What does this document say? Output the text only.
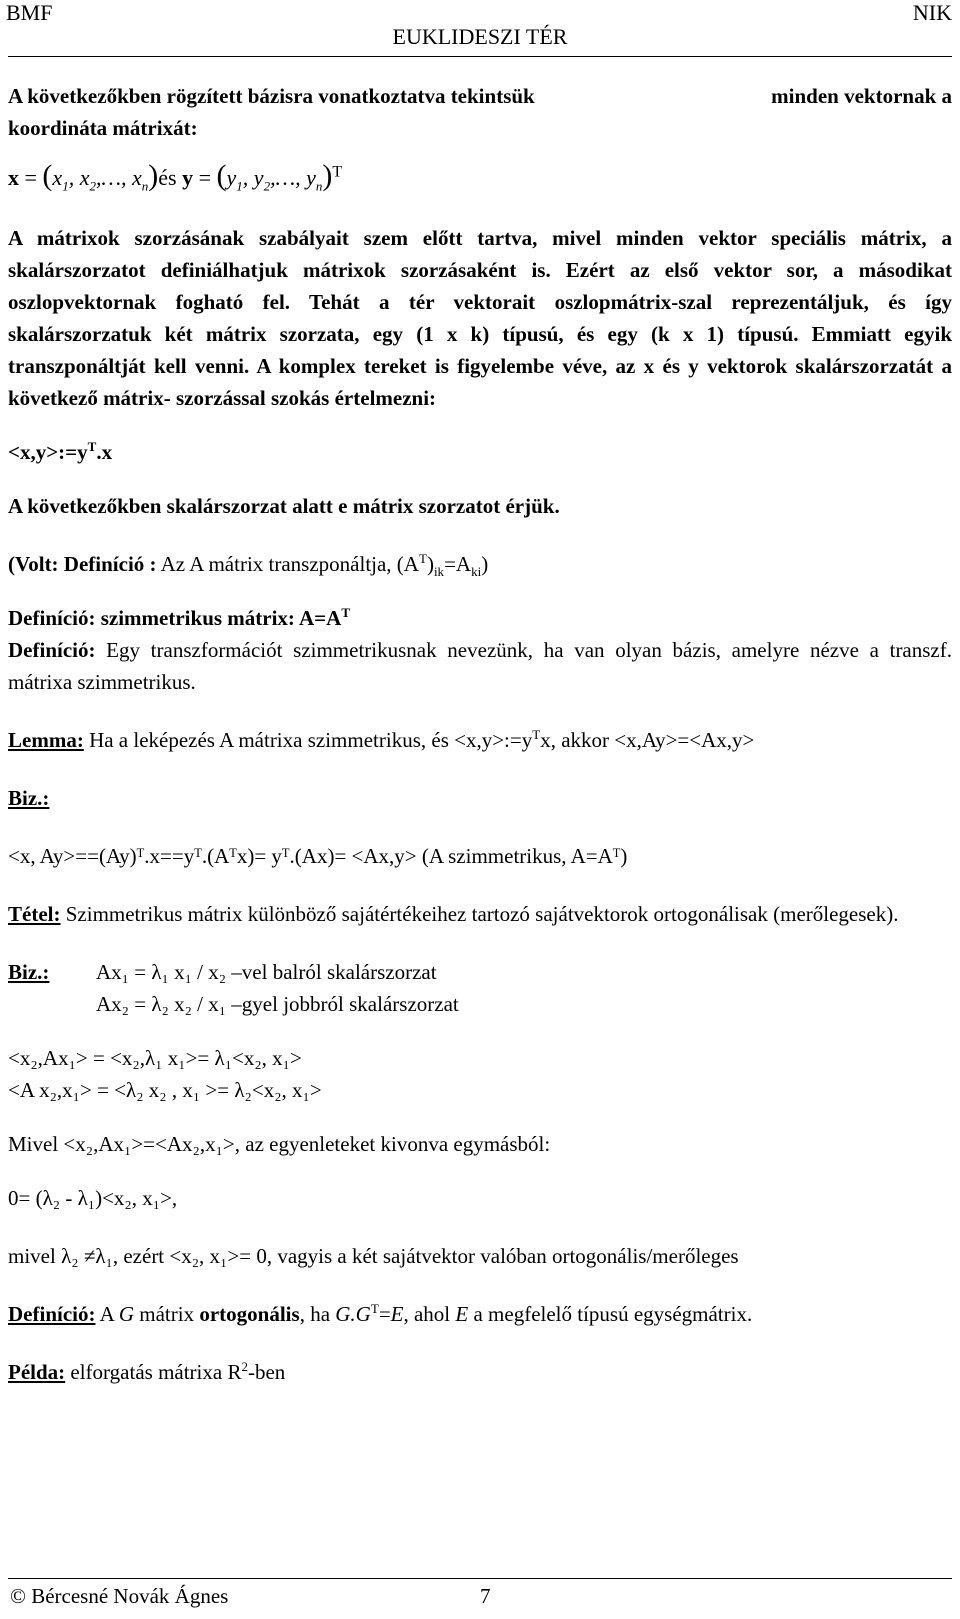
BMF	NIK
EUKLIDESZI TÉR

A következőkben rögzített bázisra vonatkoztatva tekintsük	minden vektornak a

koordináta mátrixát:

$x = (x_1$, $x_2,\dots$, $x_n)és$ $y = (y_1$, $y_2,\dots$, $y_n)^T$

A mátrixok szorzásának szabályait szem előtt tartva, mivel minden vektor speciális mátrix, a skalárszorzatot definiálhatjuk mátrixok szorzásaként is. Ezért az első vektor sor, a másodikat oszlopvektornak fogható fel. Tehát a tér vektorait oszlopmátrix-szal reprezentáljuk, és így skalárszorzatuk két mátrix szorzata, egy (1 x k) típusú, és egy (k x 1) típusú. Emmiatt egyik transzponáltját kell venni. A komplex tereket is figyelembe véve, az x és y vektorok skalárszorzatát a következő mátrix- szorzással szokás értelmezni:

$<x,y>:=y^T.x$

A következőkben skalárszorzat alatt e mátrix szorzatot érjük.

(Volt: Definíció : Az A mátrix transzponáltja, $(A^T)_{ik}=A_{ki}$)

Definíció: szimmetrikus mátrix: $A=A^T$

Definíció: Egy transzformációt szimmetrikusnak nevezünk, ha van olyan bázis, amelyre nézve a transzf. mátrixa szimmetrikus.

Lemma: Ha a leképezés A mátrixa szimmetrikus, és $<x,y>:=y^Tx$, akkor <x,Ay>=<Ax,y>

Biz.:

<x, Ay>==(Ay)ᵀ.x==yᵀ.(Aᵀx)= yᵀ.(Ax)= <Ax,y> (A szimmetrikus, A=Aᵀ)

Tétel: Szimmetrikus mátrix különböző sajátértékeihez tartozó sajátvektorok ortogonálisak (merőlegesek).

Biz.:	Ax₁ = λ₁ x₁ / x₂ –vel balról skalárszorzat
Ax₂ = λ₂ x₂ / x₁ –gyel jobbról skalárszorzat

<x₂,Ax₁> = <x₂,λ₁ x₁>= λ₁<x₂, x₁>

<A x₂,x₁> = <λ₂ x₂ , x₁ >= λ₂<x₂, x₁>

Mivel <x₂,Ax₁>=<Ax₂,x₁>, az egyenleteket kivonva egymásból:

0= (λ₂ - λ₁)<x₂, x₁>,

mivel λ₂ ≠λ₁, ezért <x₂, x₁>= 0, vagyis a két sajátvektor valóban ortogonális/merőleges

Definíció: A G mátrix ortogonális, ha $G.G^T=E$, ahol E a megfelelő típusú egységmátrix.

Példa: elforgatás mátrixa $R^2$-ben

© Bércesné Novák Ágnes	7
